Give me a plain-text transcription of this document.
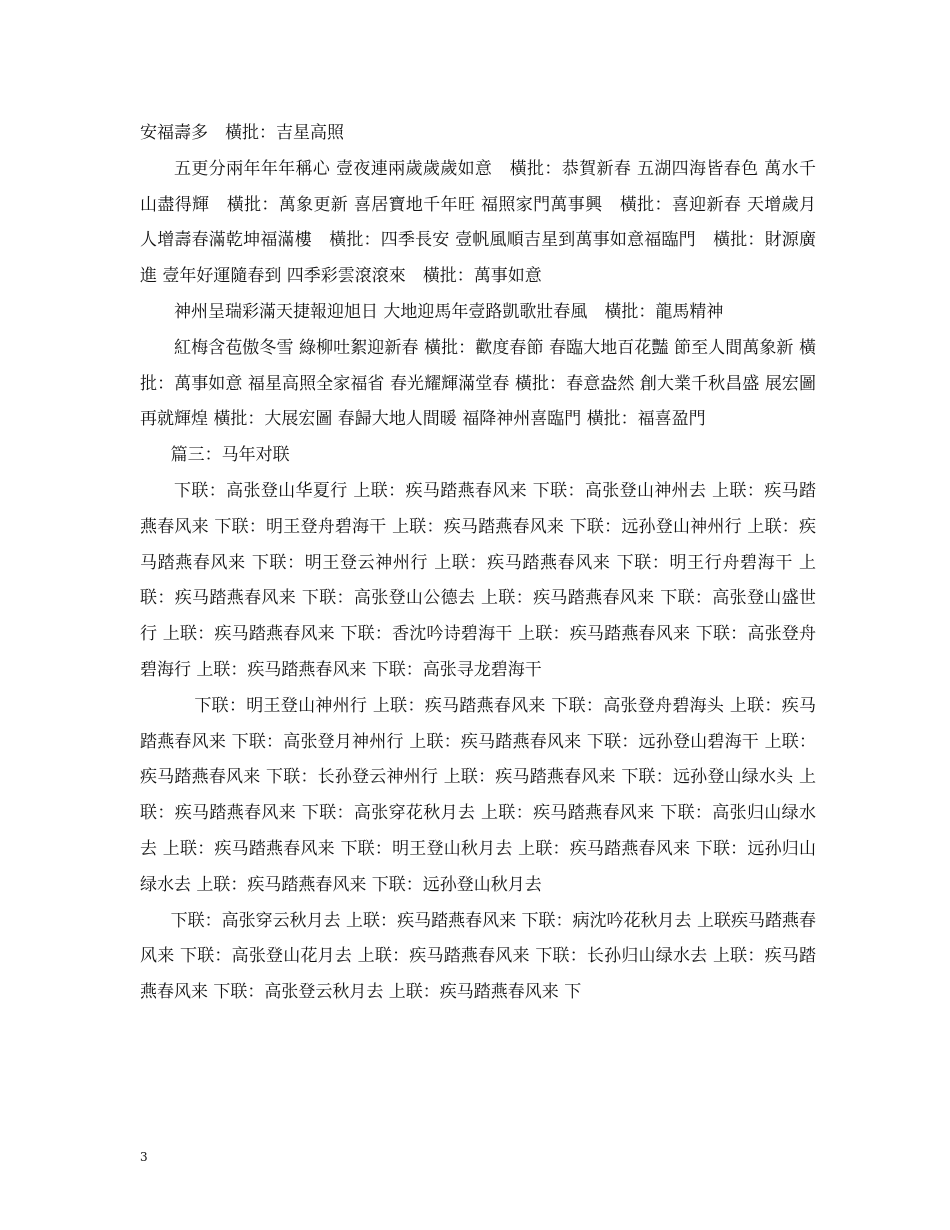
安福壽多　橫批：吉星高照

五更分兩年年年稱心 壹夜連兩歲歲歲如意　橫批：恭賀新春 五湖四海皆春色 萬水千山盡得輝　橫批：萬象更新 喜居寶地千年旺 福照家門萬事興　橫批：喜迎新春 天增歲月人增壽春滿乾坤福滿樓　橫批：四季長安 壹帆風順吉星到萬事如意福臨門　橫批：財源廣進 壹年好運隨春到 四季彩雲滾滾來　橫批：萬事如意

神州呈瑞彩滿天捷報迎旭日 大地迎馬年壹路凱歌壯春風　橫批：龍馬精神

紅梅含苞傲冬雪 綠柳吐絮迎新春 橫批：歡度春節 春臨大地百花豔 節至人間萬象新 橫批：萬事如意 福星高照全家福省 春光耀輝滿堂春 橫批：春意盎然 創大業千秋昌盛 展宏圖再就輝煌 橫批：大展宏圖 春歸大地人間暖 福降神州喜臨門 橫批：福喜盈門

篇三：马年对联

下联：高张登山华夏行 上联：疾马踏燕春风来 下联：高张登山神州去 上联：疾马踏燕春风来 下联：明王登舟碧海干 上联：疾马踏燕春风来 下联：远孙登山神州行 上联：疾马踏燕春风来 下联：明王登云神州行 上联：疾马踏燕春风来 下联：明王行舟碧海干 上联：疾马踏燕春风来 下联：高张登山公德去 上联：疾马踏燕春风来 下联：高张登山盛世行 上联：疾马踏燕春风来 下联：香沈吟诗碧海干 上联：疾马踏燕春风来 下联：高张登舟碧海行 上联：疾马踏燕春风来 下联：高张寻龙碧海干

下联：明王登山神州行 上联：疾马踏燕春风来 下联：高张登舟碧海头 上联：疾马踏燕春风来 下联：高张登月神州行 上联：疾马踏燕春风来 下联：远孙登山碧海干 上联：疾马踏燕春风来 下联：长孙登云神州行 上联：疾马踏燕春风来 下联：远孙登山绿水头 上联：疾马踏燕春风来 下联：高张穿花秋月去 上联：疾马踏燕春风来 下联：高张归山绿水去 上联：疾马踏燕春风来 下联：明王登山秋月去 上联：疾马踏燕春风来 下联：远孙归山绿水去 上联：疾马踏燕春风来 下联：远孙登山秋月去

下联：高张穿云秋月去 上联：疾马踏燕春风来 下联：病沈吟花秋月去 上联疾马踏燕春风来 下联：高张登山花月去 上联：疾马踏燕春风来 下联：长孙归山绿水去 上联：疾马踏燕春风来 下联：高张登云秋月去 上联：疾马踏燕春风来 下

3
